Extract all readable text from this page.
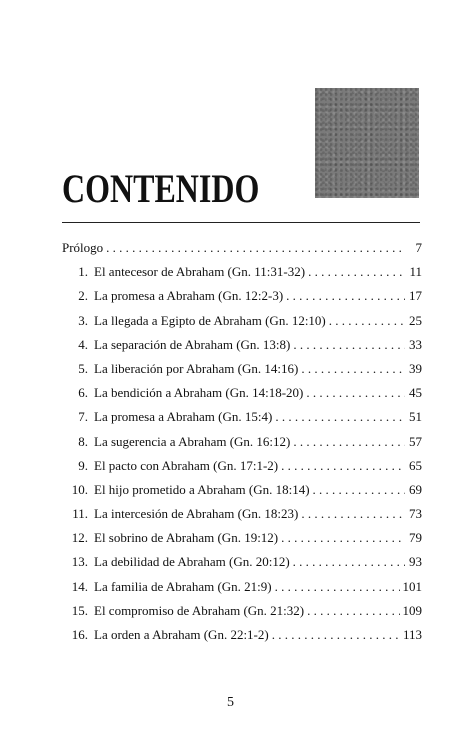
CONTENIDO
Prólogo . . .	7
1. El antecesor de Abraham (Gn. 11:31-32) . . .	11
2. La promesa a Abraham (Gn. 12:2-3) . . .	17
3. La llegada a Egipto de Abraham (Gn. 12:10) . . .	25
4. La separación de Abraham (Gn. 13:8) . . .	33
5. La liberación por Abraham (Gn. 14:16) . . .	39
6. La bendición a Abraham (Gn. 14:18-20) . . .	45
7. La promesa a Abraham (Gn. 15:4) . . .	51
8. La sugerencia a Abraham (Gn. 16:12) . . .	57
9. El pacto con Abraham (Gn. 17:1-2) . . .	65
10. El hijo prometido a Abraham (Gn. 18:14) . . .	69
11. La intercesión de Abraham (Gn. 18:23) . . .	73
12. El sobrino de Abraham (Gn. 19:12) . . .	79
13. La debilidad de Abraham (Gn. 20:12) . . .	93
14. La familia de Abraham (Gn. 21:9) . . .	101
15. El compromiso de Abraham (Gn. 21:32) . . .	109
16. La orden a Abraham (Gn. 22:1-2) . . .	113
5
